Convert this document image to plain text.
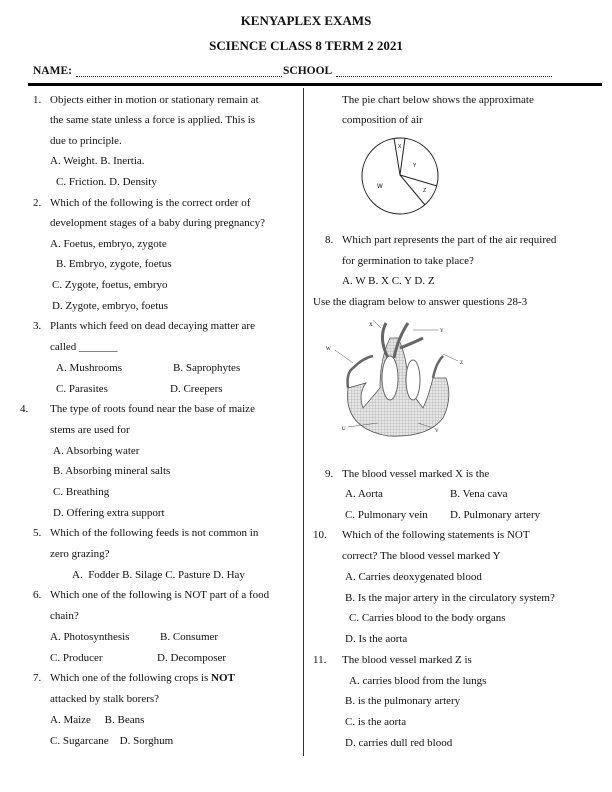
KENYAPLEX EXAMS
SCIENCE CLASS 8 TERM 2 2021
NAME:	SCHOOL
1. Objects either in motion or stationary remain at
the same state unless a force is applied. This is
due to principle.
A. Weight. B. Inertia.
C. Friction. D. Density
2. Which of the following is the correct order of
development stages of a baby during pregnancy?
A. Foetus, embryo, zygote
B. Embryo, zygote, foetus
C. Zygote, foetus, embryo
D. Zygote, embryo, foetus
3. Plants which feed on dead decaying matter are
called _______
A. Mushrooms	B. Saprophytes
C. Parasites	D. Creepers
4. The type of roots found near the base of maize
stems are used for
A. Absorbing water
B. Absorbing mineral salts
C. Breathing
D. Offering extra support
5. Which of the following feeds is not common in
zero grazing?
A.  Fodder B. Silage C. Pasture D. Hay
6. Which one of the following is NOT part of a food
chain?
A. Photosynthesis	B. Consumer
C. Producer	D. Decomposer
7. Which one of the following crops is NOT
attacked by stalk borers?
A. Maize     B. Beans
C. Sugarcane    D. Sorghum
The pie chart below shows the approximate
composition of air
X
Y
Z
W
8. Which part represents the part of the air required
for germination to take place?
A. W B. X C. Y D. Z
Use the diagram below to answer questions 28-3
X
W
Y
Z
U	V
9. The blood vessel marked X is the
A. Aorta	B. Vena cava
C. Pulmonary vein D. Pulmonary artery
10. Which of the following statements is NOT
correct? The blood vessel marked Y
A. Carries deoxygenated blood
B. Is the major artery in the circulatory system?
C. Carries blood to the body organs
D. Is the aorta
11. The blood vessel marked Z is
A. carries blood from the lungs
B. is the pulmonary artery
C. is the aorta
D. carries dull red blood
